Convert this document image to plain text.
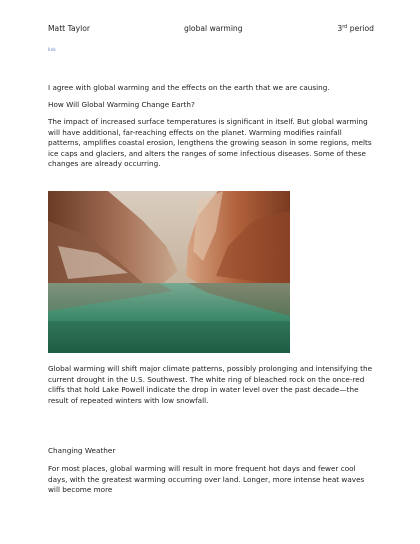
Matt Taylor	global warming	3rd period
link

I agree with global warming and the effects on the earth that we are causing.

How Will Global Warming Change Earth?

The impact of increased surface temperatures is significant in itself. But global warming will have additional, far-reaching effects on the planet. Warming modifies rainfall patterns, amplifies coastal erosion, lengthens the growing season in some regions, melts ice caps and glaciers, and alters the ranges of some infectious diseases. Some of these changes are already occurring.

Global warming will shift major climate patterns, possibly prolonging and intensifying the current drought in the U.S. Southwest. The white ring of bleached rock on the once-red cliffs that hold Lake Powell indicate the drop in water level over the past decade—the result of repeated winters with low snowfall.

Changing Weather

For most places, global warming will result in more frequent hot days and fewer cool days, with the greatest warming occurring over land. Longer, more intense heat waves will become more
